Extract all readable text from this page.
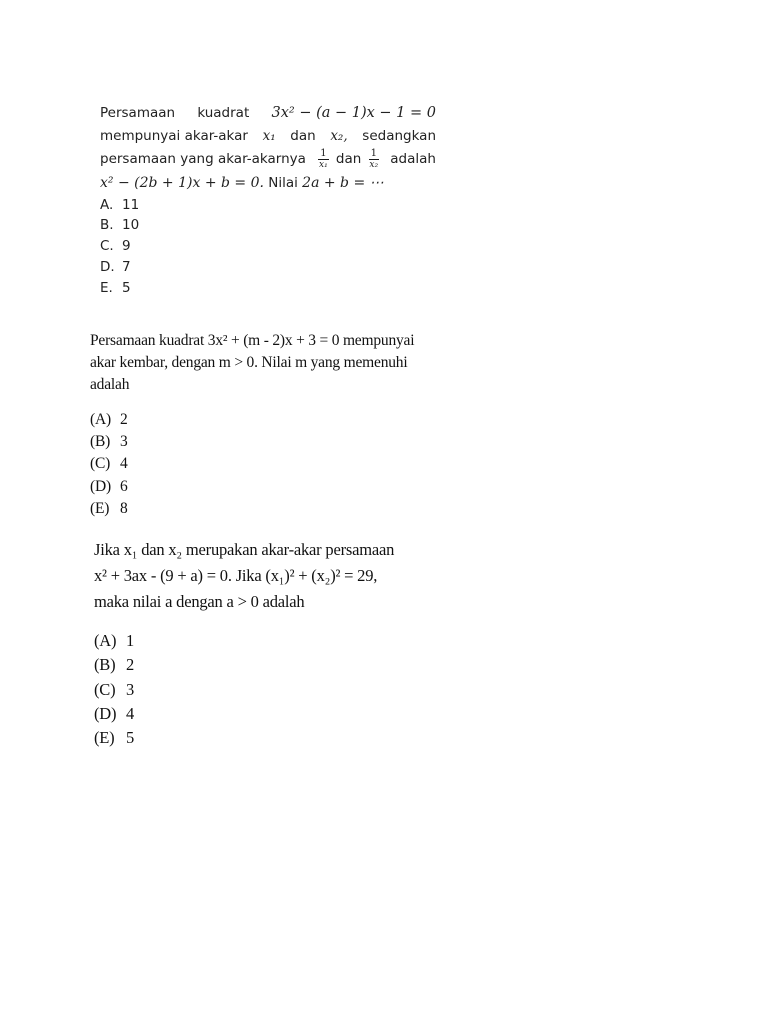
Persamaan kuadrat 3x² − (a − 1)x − 1 = 0
mempunyai akar-akar x₁ dan x₂, sedangkan
persamaan yang akar-akarnya $\frac{1}{\text{x₁}}$ dan $\frac{1}{\text{x₂}}$ adalah
x² − (2b + 1)x + b = 0. Nilai 2a + b = ⋯
A. 11
B. 10
C. 9
D. 7
E. 5
Persamaan kuadrat 3x² + (m - 2)x + 3 = 0 mempunyai
akar kembar, dengan m > 0. Nilai m yang memenuhi
adalah
(A) 2
(B) 3
(C) 4
(D) 6
(E) 8
Jika x₁ dan x₂ merupakan akar-akar persamaan
x² + 3ax - (9 + a) = 0. Jika (x₁)² + (x₂)² = 29,
maka nilai a dengan a > 0 adalah
(A) 1
(B) 2
(C) 3
(D) 4
(E) 5
